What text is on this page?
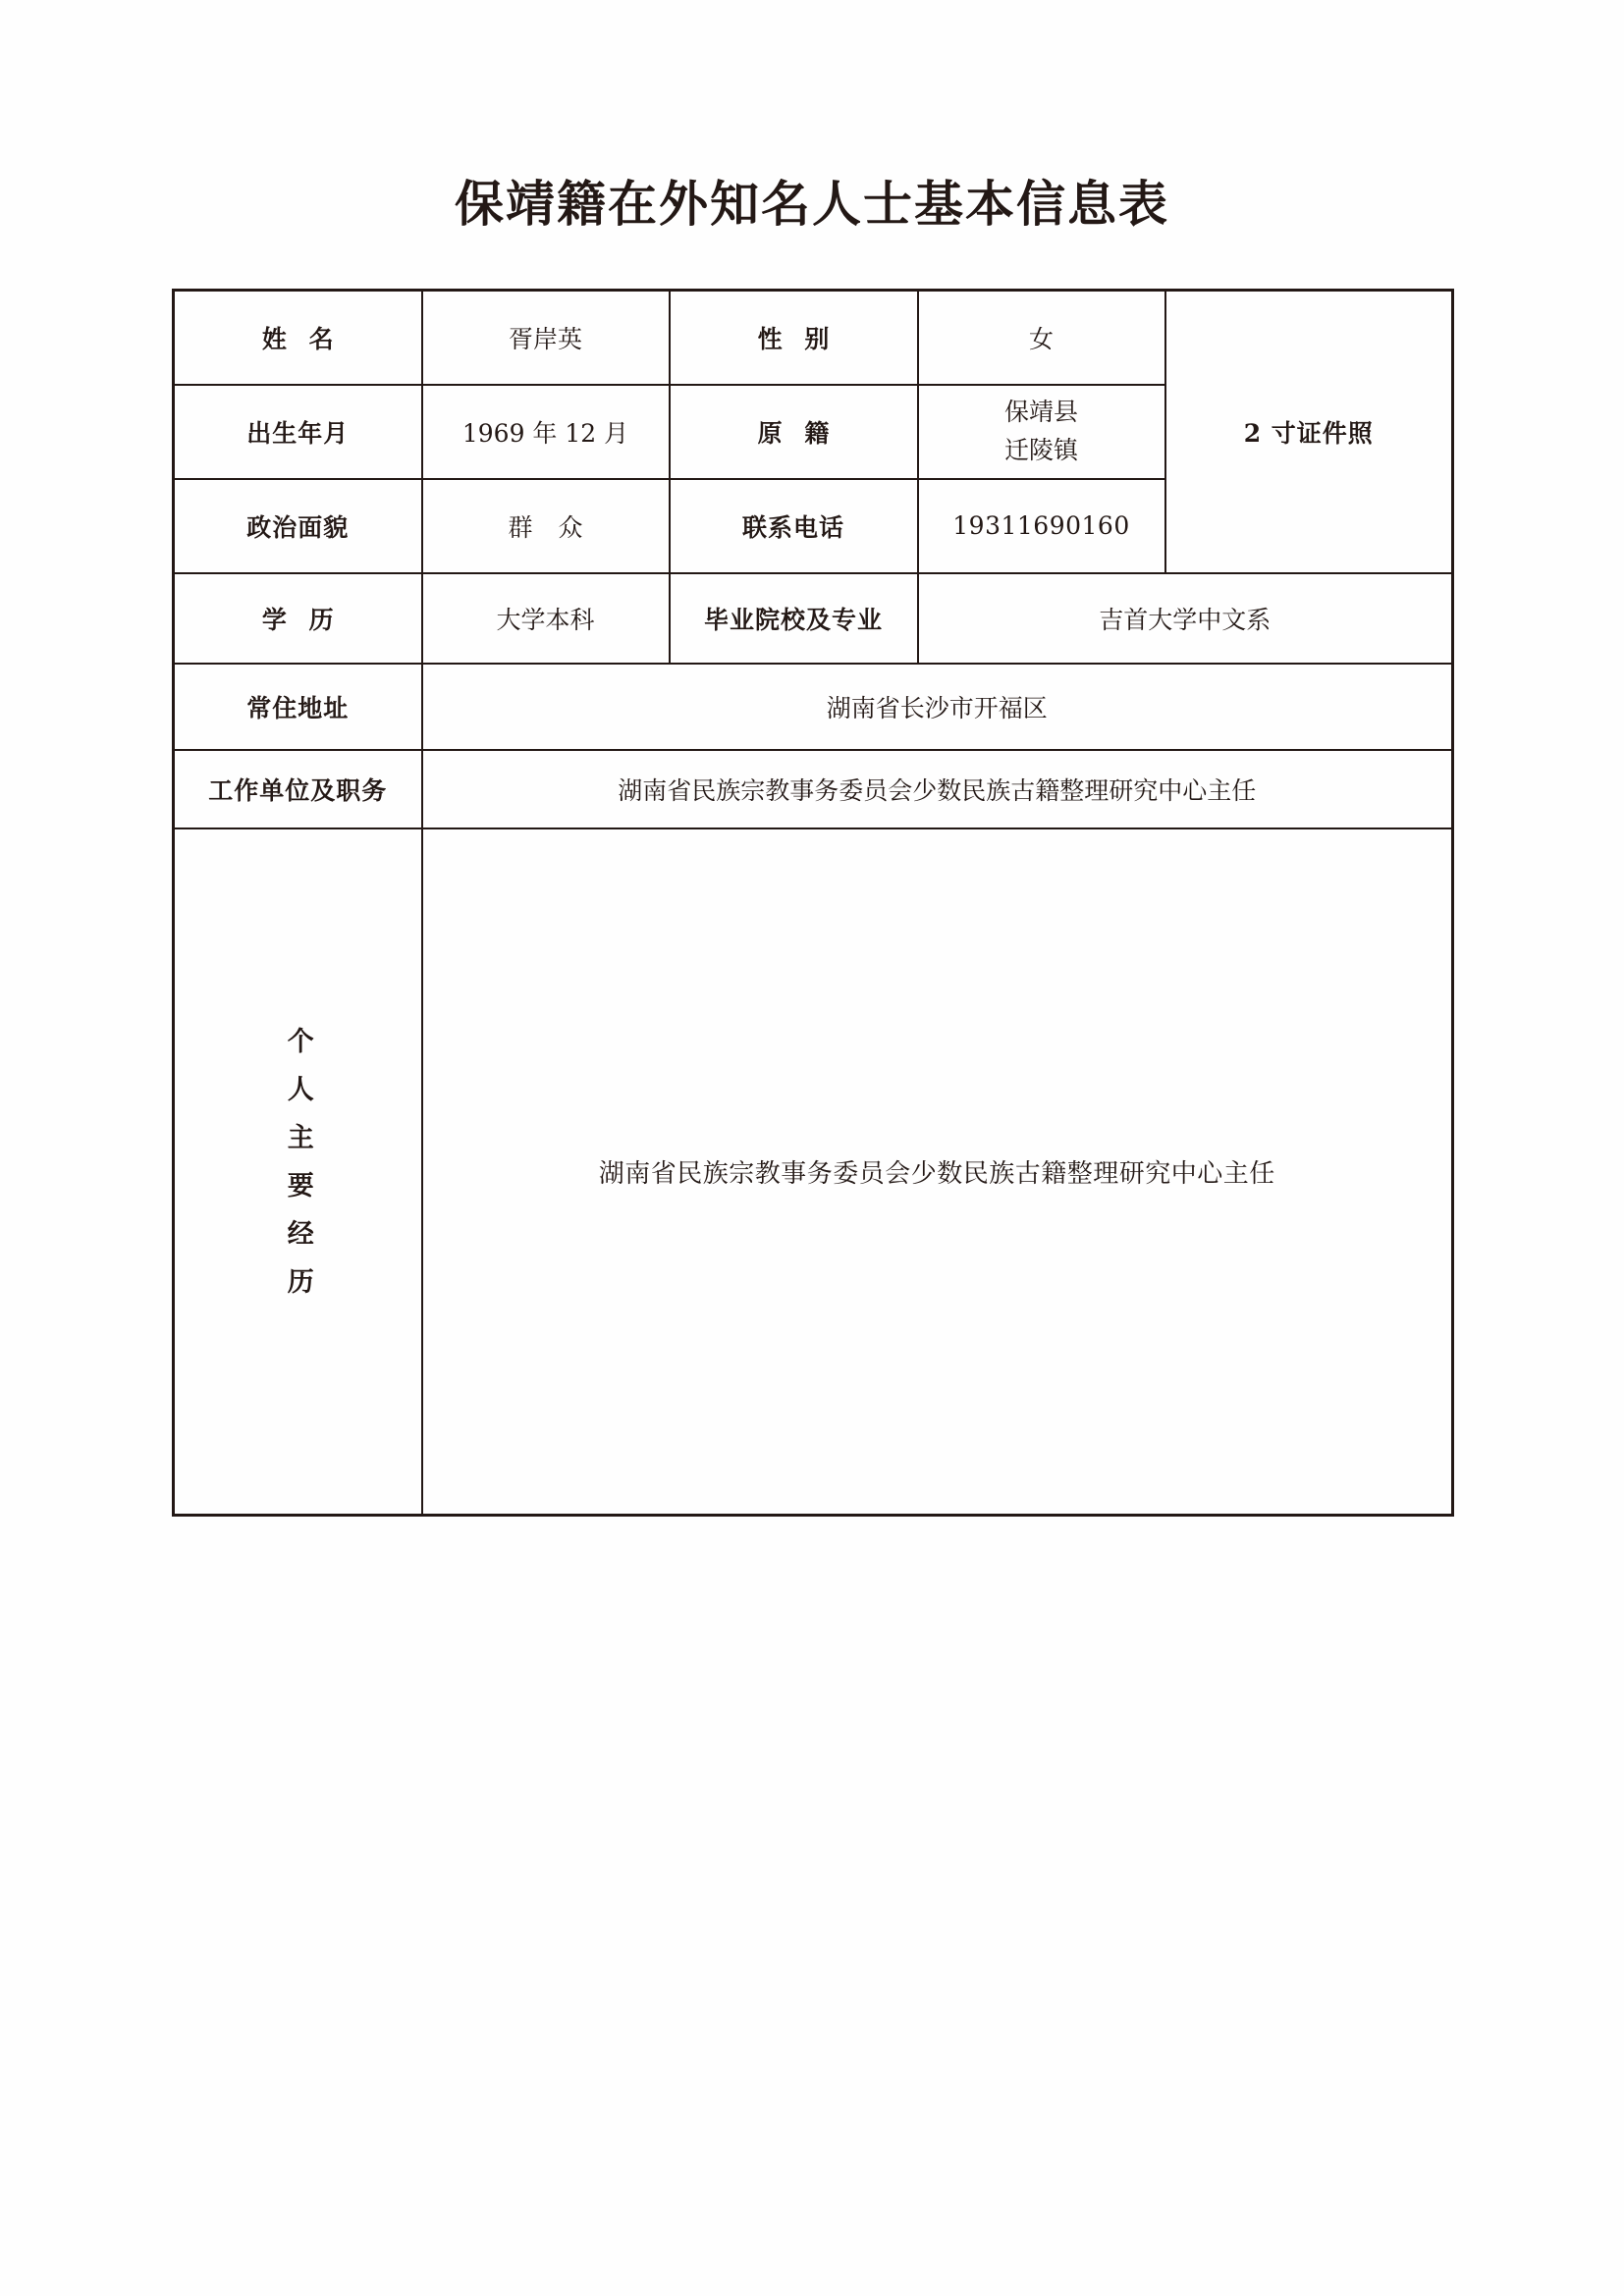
保靖籍在外知名人士基本信息表
姓 名	胥岸英	性 别	女	2 寸证件照
出生年月	1969 年 12 月	原 籍	保靖县
迁陵镇	

政治面貌	群 众	联系电话	19311690160	
学 历	大学本科	毕业院校及专业	吉首大学中文系	
常住地址	湖南省长沙市开福区			
工作单位及职务	湖南省民族宗教事务委员会少数民族古籍整理研究中心主任			

个人主要经历	湖南省民族宗教事务委员会少数民族古籍整理研究中心主任			
